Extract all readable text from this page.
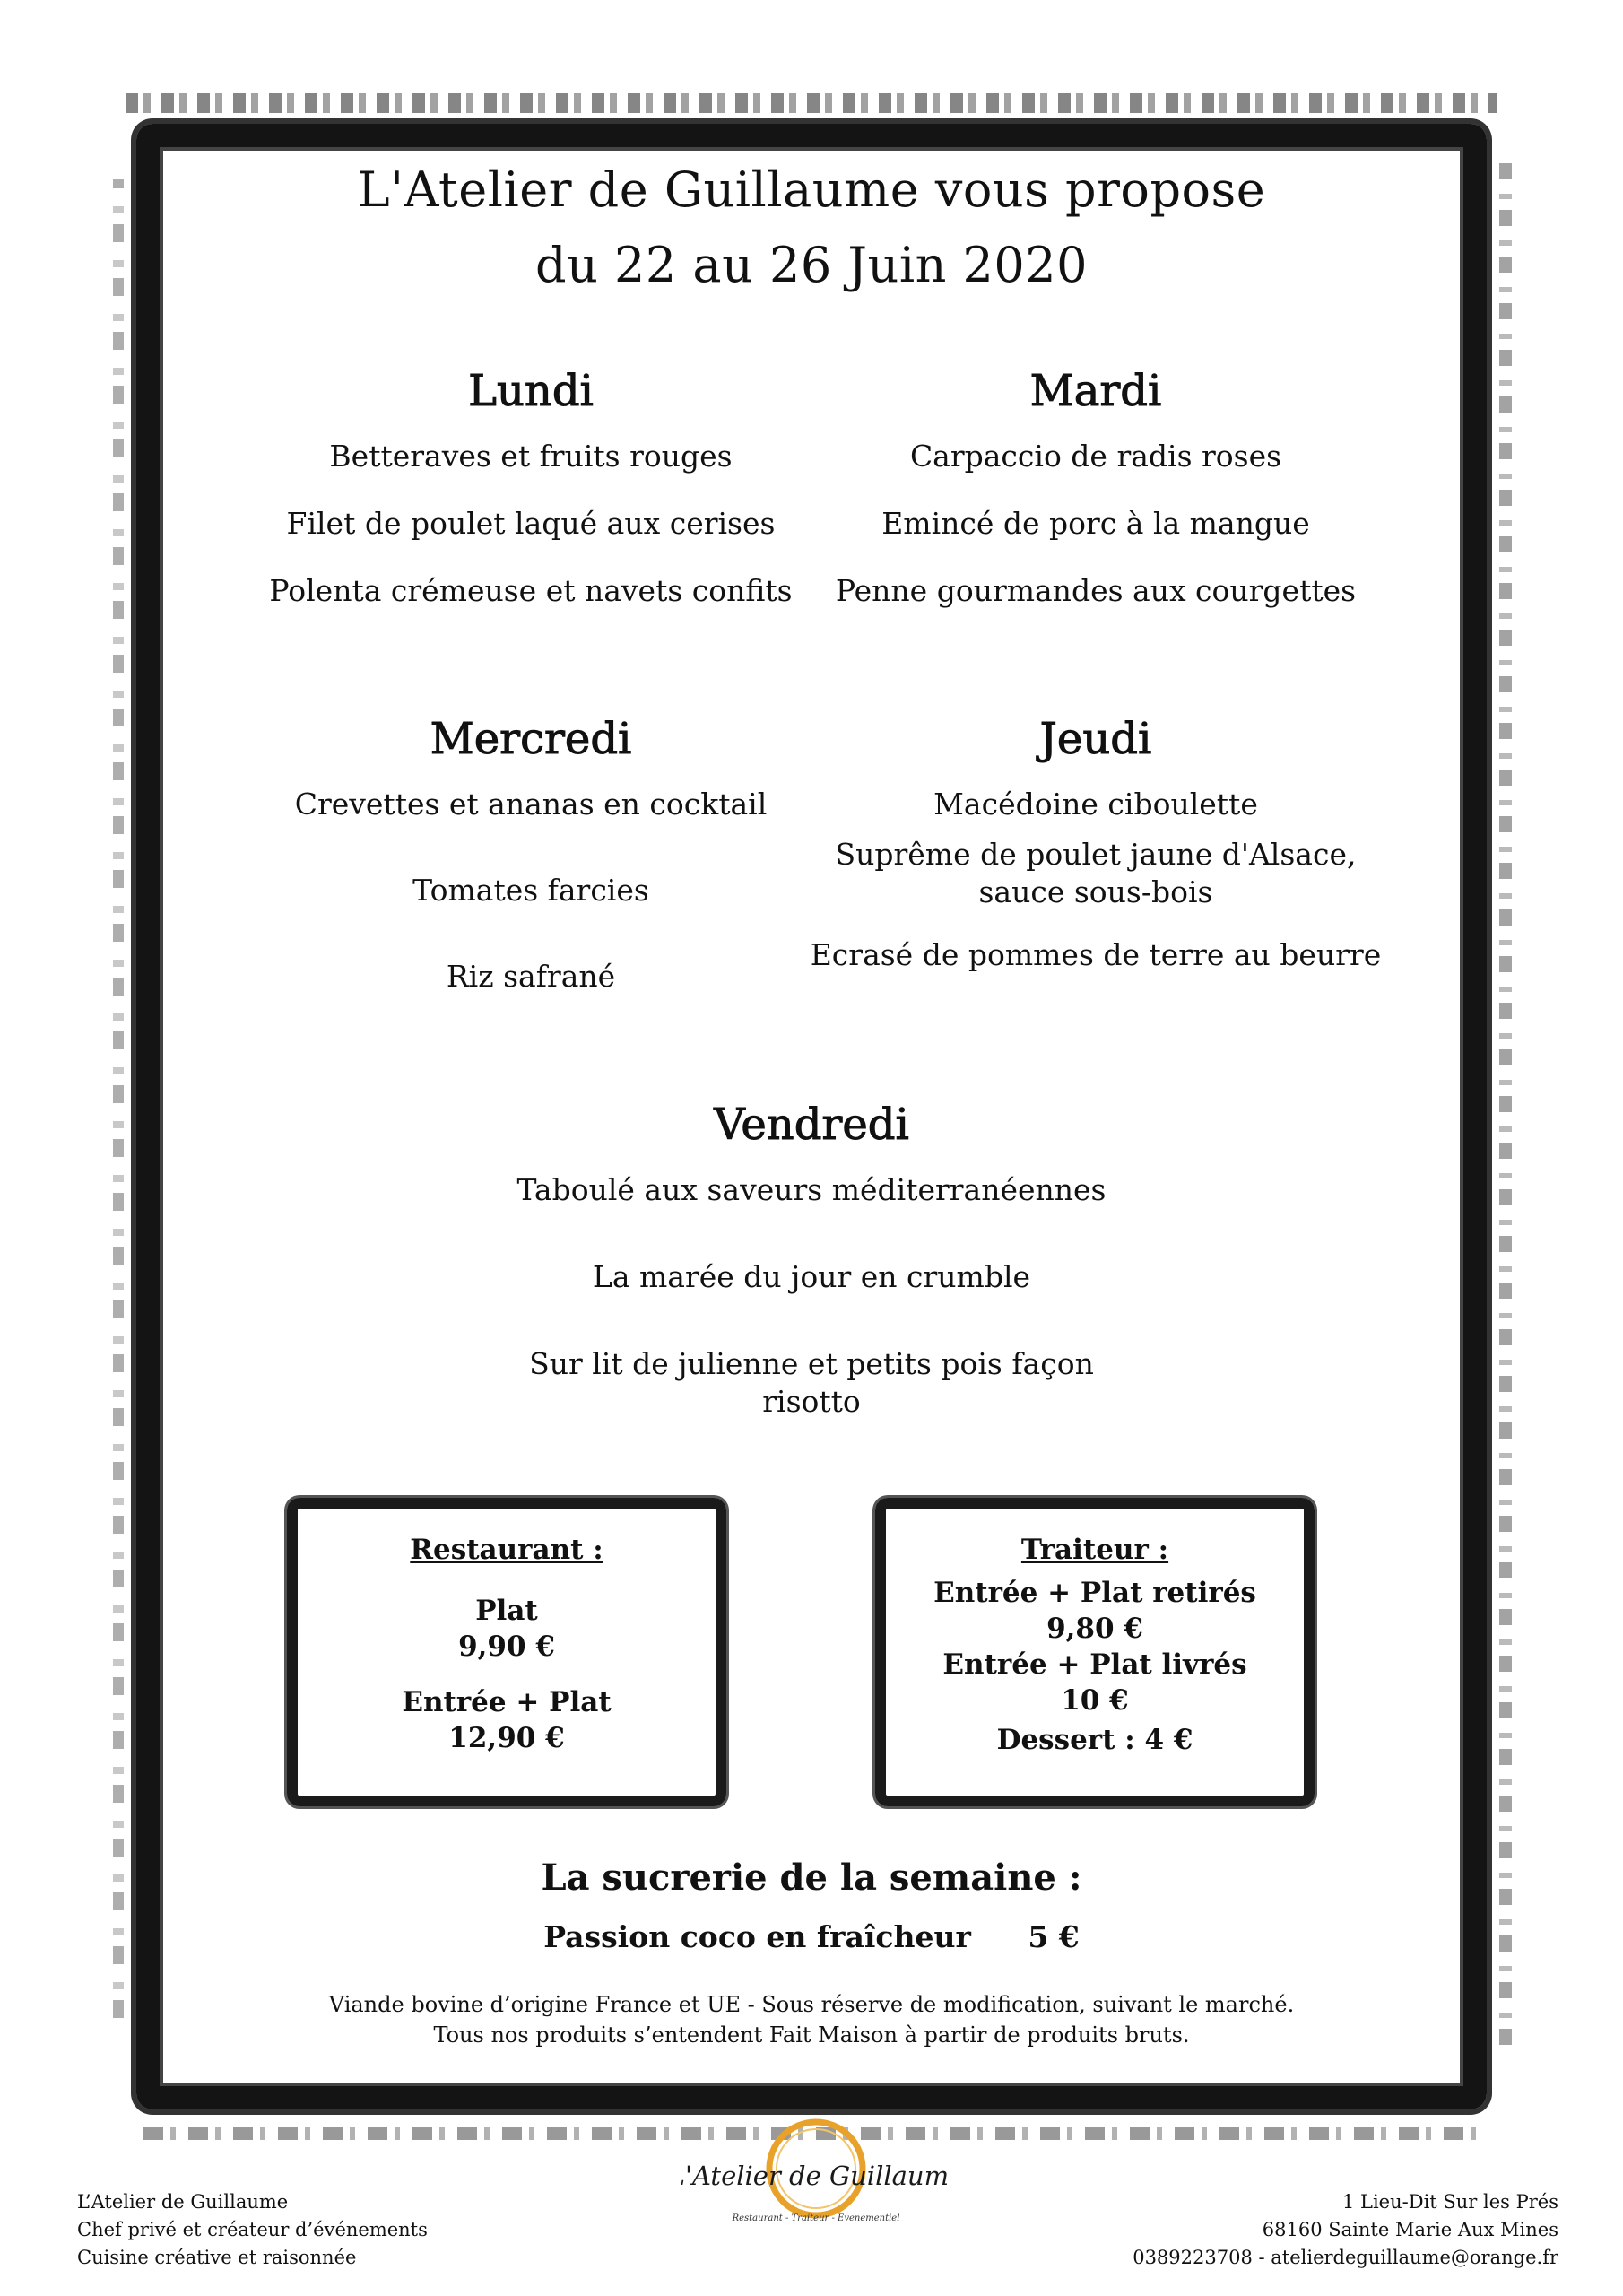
L'Atelier de Guillaume vous propose
du 22 au 26 Juin 2020
Lundi

Betteraves et fruits rouges

Filet de poulet laqué aux cerises

Polenta crémeuse et navets confits

Mardi

Carpaccio de radis roses

Emincé de porc à la mangue

Penne gourmandes aux courgettes

Mercredi

Crevettes et ananas en cocktail

Tomates farcies

Riz safrané

Jeudi

Macédoine ciboulette

Suprême de poulet jaune d'Alsace,

sauce sous-bois

Ecrasé de pommes de terre au beurre

Vendredi

Taboulé aux saveurs méditerranéennes

La marée du jour en crumble

Sur lit de julienne et petits pois façon risotto

Restaurant :

Plat

9,90 €

Entrée + Plat

12,90 €

Traiteur :

Entrée + Plat retirés

9,80 €

Entrée + Plat livrés

10 €

Dessert : 4 €

La sucrerie de la semaine :
Passion coco en fraîcheur 5 €
Viande bovine d’origine France et UE - Sous réserve de modification, suivant le marché.
Tous nos produits s’entendent Fait Maison à partir de produits bruts.
L'Atelier de Guillaume
Restaurant - Traiteur - Evenementiel
L’Atelier de Guillaume
Chef privé et créateur d’événements
Cuisine créative et raisonnée
1 Lieu-Dit Sur les Prés
68160 Sainte Marie Aux Mines
0389223708 - atelierdeguillaume@orange.fr
